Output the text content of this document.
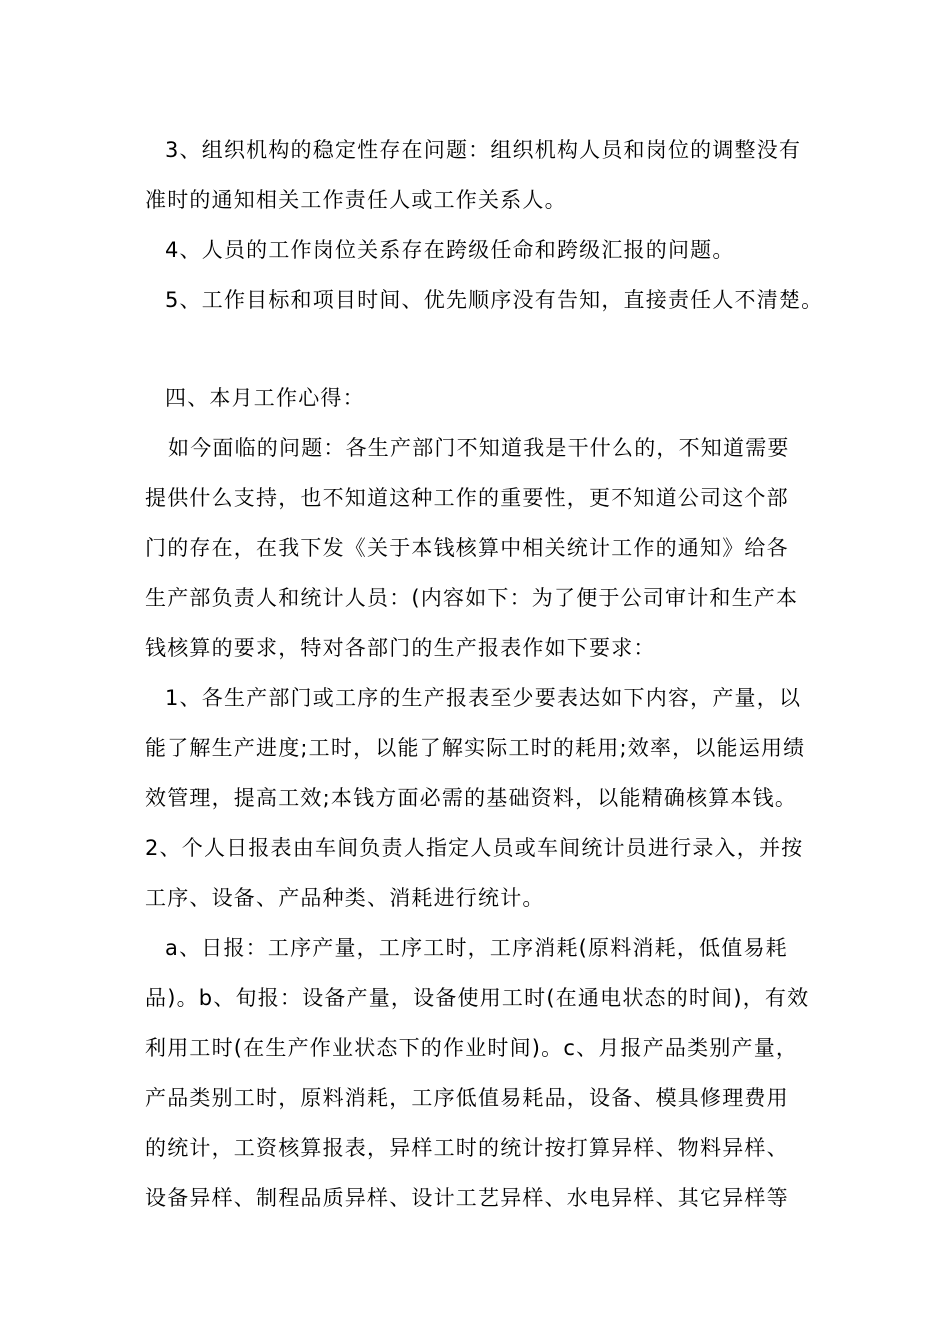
3、组织机构的稳定性存在问题：组织机构人员和岗位的调整没有
准时的通知相关工作责任人或工作关系人。
4、人员的工作岗位关系存在跨级任命和跨级汇报的问题。
5、工作目标和项目时间、优先顺序没有告知，直接责任人不清楚。
四、本月工作心得：
如今面临的问题：各生产部门不知道我是干什么的，不知道需要
提供什么支持，也不知道这种工作的重要性，更不知道公司这个部
门的存在，在我下发《关于本钱核算中相关统计工作的通知》给各
生产部负责人和统计人员：(内容如下：为了便于公司审计和生产本
钱核算的要求，特对各部门的生产报表作如下要求：
1、各生产部门或工序的生产报表至少要表达如下内容，产量，以
能了解生产进度;工时，以能了解实际工时的耗用;效率，以能运用绩
效管理，提高工效;本钱方面必需的基础资料，以能精确核算本钱。
2、个人日报表由车间负责人指定人员或车间统计员进行录入，并按
工序、设备、产品种类、消耗进行统计。
a、日报：工序产量，工序工时，工序消耗(原料消耗，低值易耗
品)。b、旬报：设备产量，设备使用工时(在通电状态的时间)，有效
利用工时(在生产作业状态下的作业时间)。c、月报产品类别产量，
产品类别工时，原料消耗，工序低值易耗品，设备、模具修理费用
的统计，工资核算报表，异样工时的统计按打算异样、物料异样、
设备异样、制程品质异样、设计工艺异样、水电异样、其它异样等
